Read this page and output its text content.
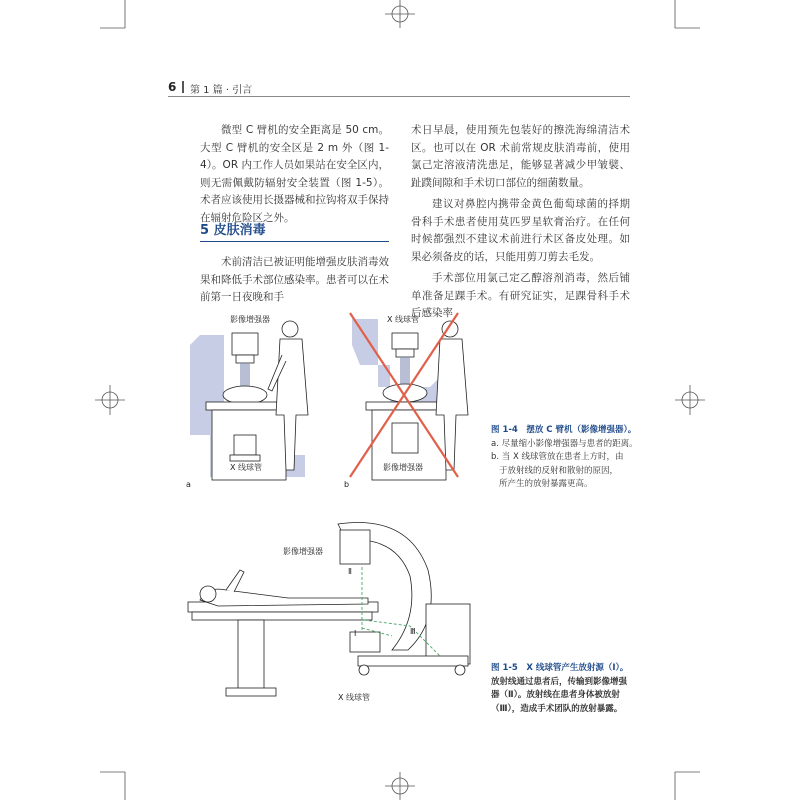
6 第 1 篇 · 引言

微型 C 臂机的安全距离是 50 cm。大型 C 臂机的安全区是 2 m 外（图 1-4）。OR 内工作人员如果站在安全区内，则无需佩戴防辐射安全装置（图 1-5）。术者应该使用长摄器械和拉钩将双手保持在辐射危险区之外。

5 皮肤消毒

术前清洁已被证明能增强皮肤消毒效果和降低手术部位感染率。患者可以在术前第一日夜晚和手

术日早晨，使用预先包装好的擦洗海绵清洁术区。也可以在 OR 术前常规皮肤消毒前，使用氯己定溶液清洗患足，能够显著减少甲皱襞、趾蹼间隙和手术切口部位的细菌数量。

建议对鼻腔内携带金黄色葡萄球菌的择期骨科手术患者使用莫匹罗星软膏治疗。在任何时候都强烈不建议术前进行术区备皮处理。如果必须备皮的话，只能用剪刀剪去毛发。

手术部位用氯己定乙醇溶剂消毒，然后铺单准备足踝手术。有研究证实，足踝骨科手术后感染率

影像增强器
X 线球管
X 线球管
影像增强器
a	b
图 1-4　摆放 C 臂机（影像增强器）。
a. 尽量缩小影像增强器与患者的距离。
b. 当 X 线球管放在患者上方时，由
于放射线的反射和散射的原因，
所产生的放射暴露更高。
Ⅱ
Ⅰ	Ⅲ
影像增强器
X 线球管
图 1-5　X 线球管产生放射源（Ⅰ）。
放射线通过患者后，传输到影像增强
器（Ⅱ）。放射线在患者身体被放射
（Ⅲ），造成手术团队的放射暴露。
